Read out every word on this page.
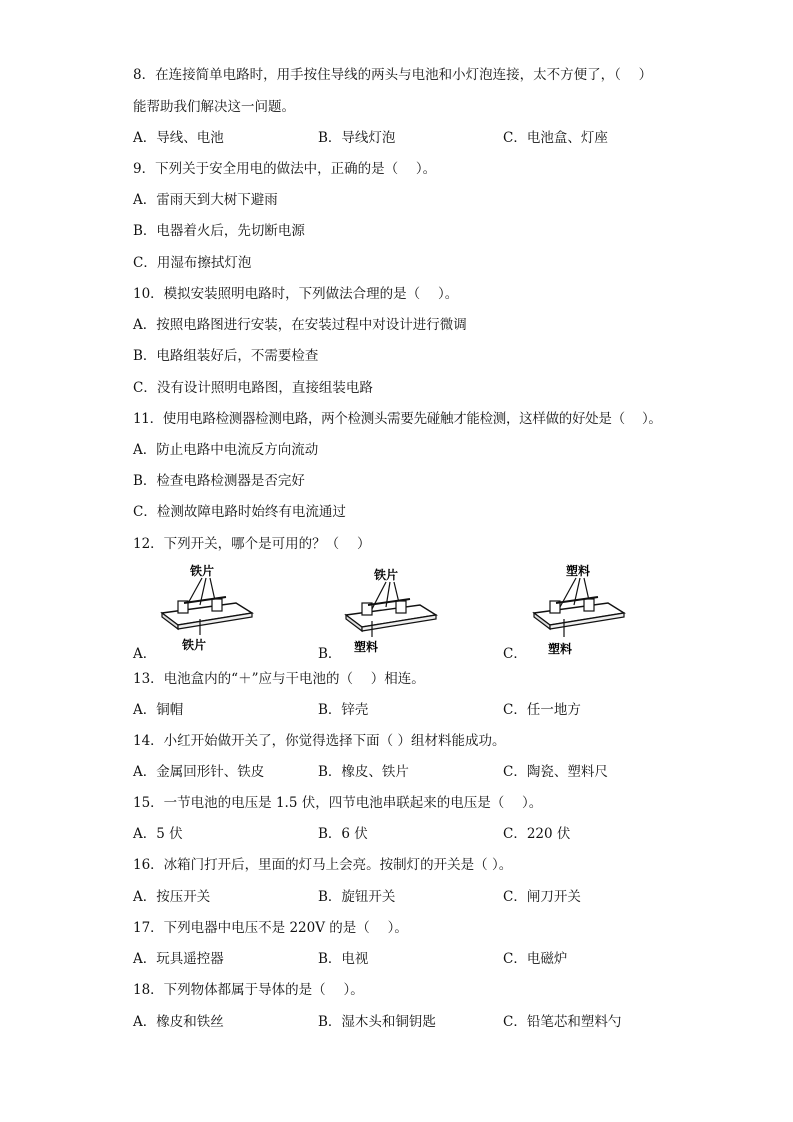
8．在连接简单电路时，用手按住导线的两头与电池和小灯泡连接，太不方便了，（　 ）
能帮助我们解决这一问题。
A．导线、电池	B．导线灯泡	C．电池盒、灯座
9．下列关于安全用电的做法中，正确的是（　 ）。
A．雷雨天到大树下避雨
B．电器着火后，先切断电源
C．用湿布擦拭灯泡
10．模拟安装照明电路时，下列做法合理的是（　 ）。
A．按照电路图进行安装，在安装过程中对设计进行微调
B．电路组装好后，不需要检查
C．没有设计照明电路图，直接组装电路
11．使用电路检测器检测电路，两个检测头需要先碰触才能检测，这样做的好处是（　 ）。
A．防止电路中电流反方向流动
B．检查电路检测器是否完好
C．检测故障电路时始终有电流通过
12．下列开关，哪个是可用的？（　 ）
A．
铁片
铁片
B．
铁片
塑料	C．
塑料
塑料
13．电池盒内的“＋”应与干电池的（　 ）相连。
A．铜帽	B．锌壳	C．任一地方
14．小红开始做开关了，你觉得选择下面（ ）组材料能成功。
A．金属回形针、铁皮	B．橡皮、铁片	C．陶瓷、塑料尺
15．一节电池的电压是 1.5 伏，四节电池串联起来的电压是（　 ）。
A．5 伏	B．6 伏	C．220 伏
16．冰箱门打开后，里面的灯马上会亮。按制灯的开关是（ ）。
A．按压开关	B．旋钮开关	C．闸刀开关
17．下列电器中电压不是 220V 的是（　 ）。
A．玩具遥控器	B．电视	C．电磁炉
18．下列物体都属于导体的是（　 ）。
A．橡皮和铁丝	B．湿木头和铜钥匙	C．铅笔芯和塑料勺
